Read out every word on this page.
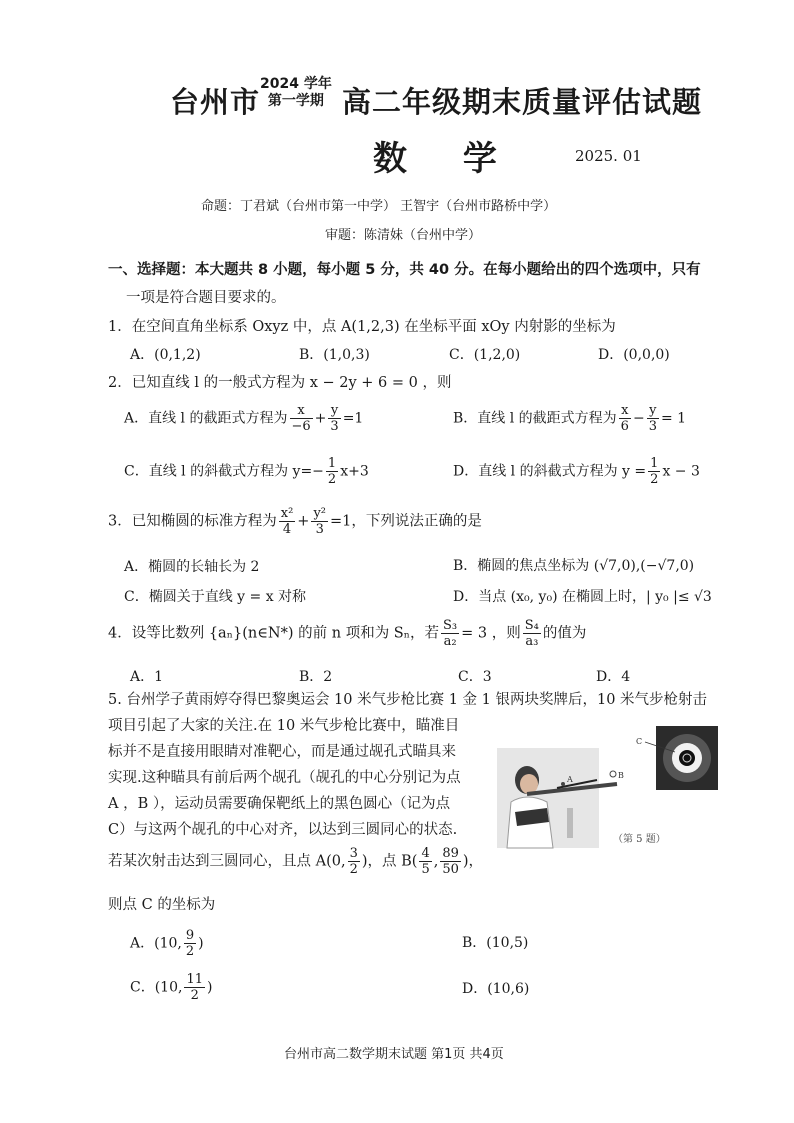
台州市
2024 学年
第一学期 高二年级期末质量评估试题
数 学	2025. 01
命题：丁君斌（台州市第一中学） 王智宇（台州市路桥中学）
审题：陈清妹（台州中学）
一、选择题：本大题共 8 小题，每小题 5 分，共 40 分。在每小题给出的四个选项中，只有
一项是符合题目要求的。
1．在空间直角坐标系 Oxyz 中，点 A(1,2,3) 在坐标平面 xOy 内射影的坐标为
A．(0,1,2)	B．(1,0,3)	C．(1,2,0)	D．(0,0,0)
2．已知直线 l 的一般式方程为 x − 2y + 6 = 0 ，则
A．直线 l 的截距式方程为 $\frac{x}{-6} + \frac{y}{3} =1$	B．直线 l 的截距式方程为 $\frac{x}{6} - \frac{y}{3} = 1$
C．直线 l 的斜截式方程为 $y=- \frac{1}{2} x+3$	D．直线 l 的斜截式方程为 $y = \frac{1}{2}$ x − 3
3．已知椭圆的标准方程为 $\frac{\text{x²}}{4} + \frac{\text{y²}}{3} =1$，下列说法正确的是
A．椭圆的长轴长为 2	B．椭圆的焦点坐标为 (√7,0),(−√7,0)
C．椭圆关于直线 y = x 对称	D．当点 (x₀, y₀) 在椭圆上时，| y₀ |≤ √3
4．设等比数列 {aₙ}(n∈N*) 的前 n 项和为 Sₙ，若 $\frac{\text{S₃}}{\text{a₂}} = 3$ ，则 $\frac{\text{S₄}}{\text{a₃}}$ 的值为
A．1	B．2	C．3	D．4
5. 台州学子黄雨婷夺得巴黎奥运会 10 米气步枪比赛 1 金 1 银两块奖牌后，10 米气步枪射击
项目引起了大家的关注.在 10 米气步枪比赛中，瞄准目
标并不是直接用眼睛对准靶心，而是通过觇孔式瞄具来
实现.这种瞄具有前后两个觇孔（觇孔的中心分别记为点
A ，B ），运动员需要确保靶纸上的黑色圆心（记为点
C）与这两个觇孔的中心对齐，以达到三圆同心的状态.
若某次射击达到三圆同心，且点 A(0, $\frac{3}{2}$ )，点 $B( \frac{4}{5}$ , $\frac{89}{50}$ )，
则点 C 的坐标为
A	B
C
（第 5 题）
A．(10, $\frac{9}{2}$ )	B．(10,5)
C．(10, $\frac{11}{2}$ )	D．(10,6)
台州市高二数学期末试题 第1页 共4页
